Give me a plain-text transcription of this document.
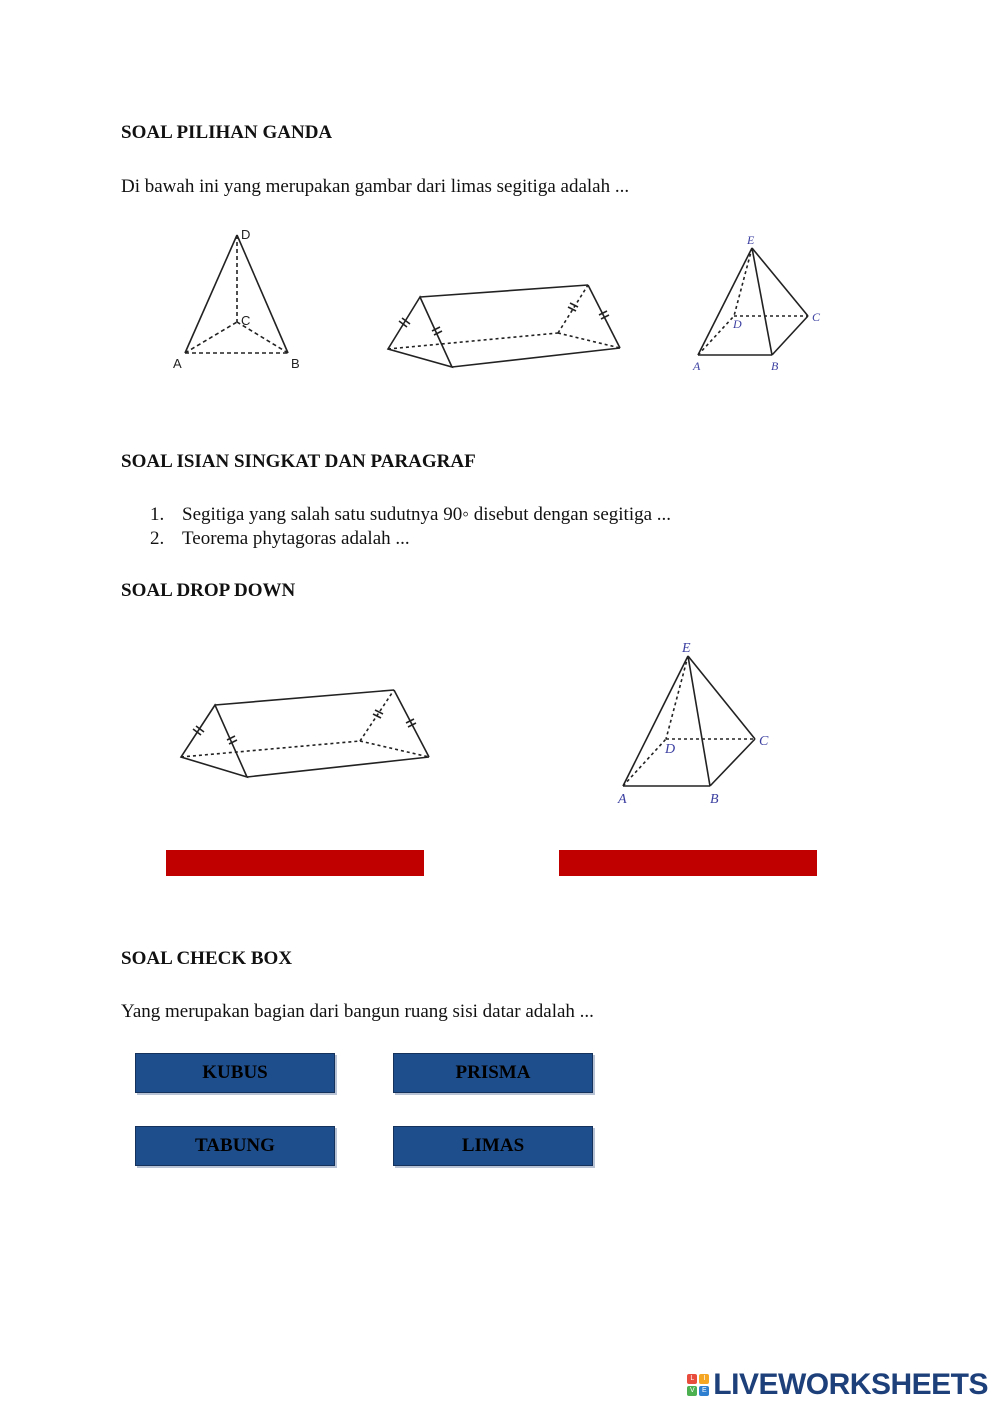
SOAL PILIHAN GANDA
Di bawah ini yang merupakan gambar dari limas segitiga adalah ...
D
C
A	B
E
D	C
A	B
SOAL ISIAN SINGKAT DAN PARAGRAF
1. Segitiga yang salah satu sudutnya 90◦ disebut dengan segitiga ...
2. Teorema phytagoras adalah ...
SOAL DROP DOWN
E
D
C
A	B
SOAL CHECK BOX
Yang merupakan bagian dari bangun ruang sisi datar adalah ...
KUBUS	PRISMA
TABUNG	LIMAS
L	I
V	E LIVEWORKSHEETS
